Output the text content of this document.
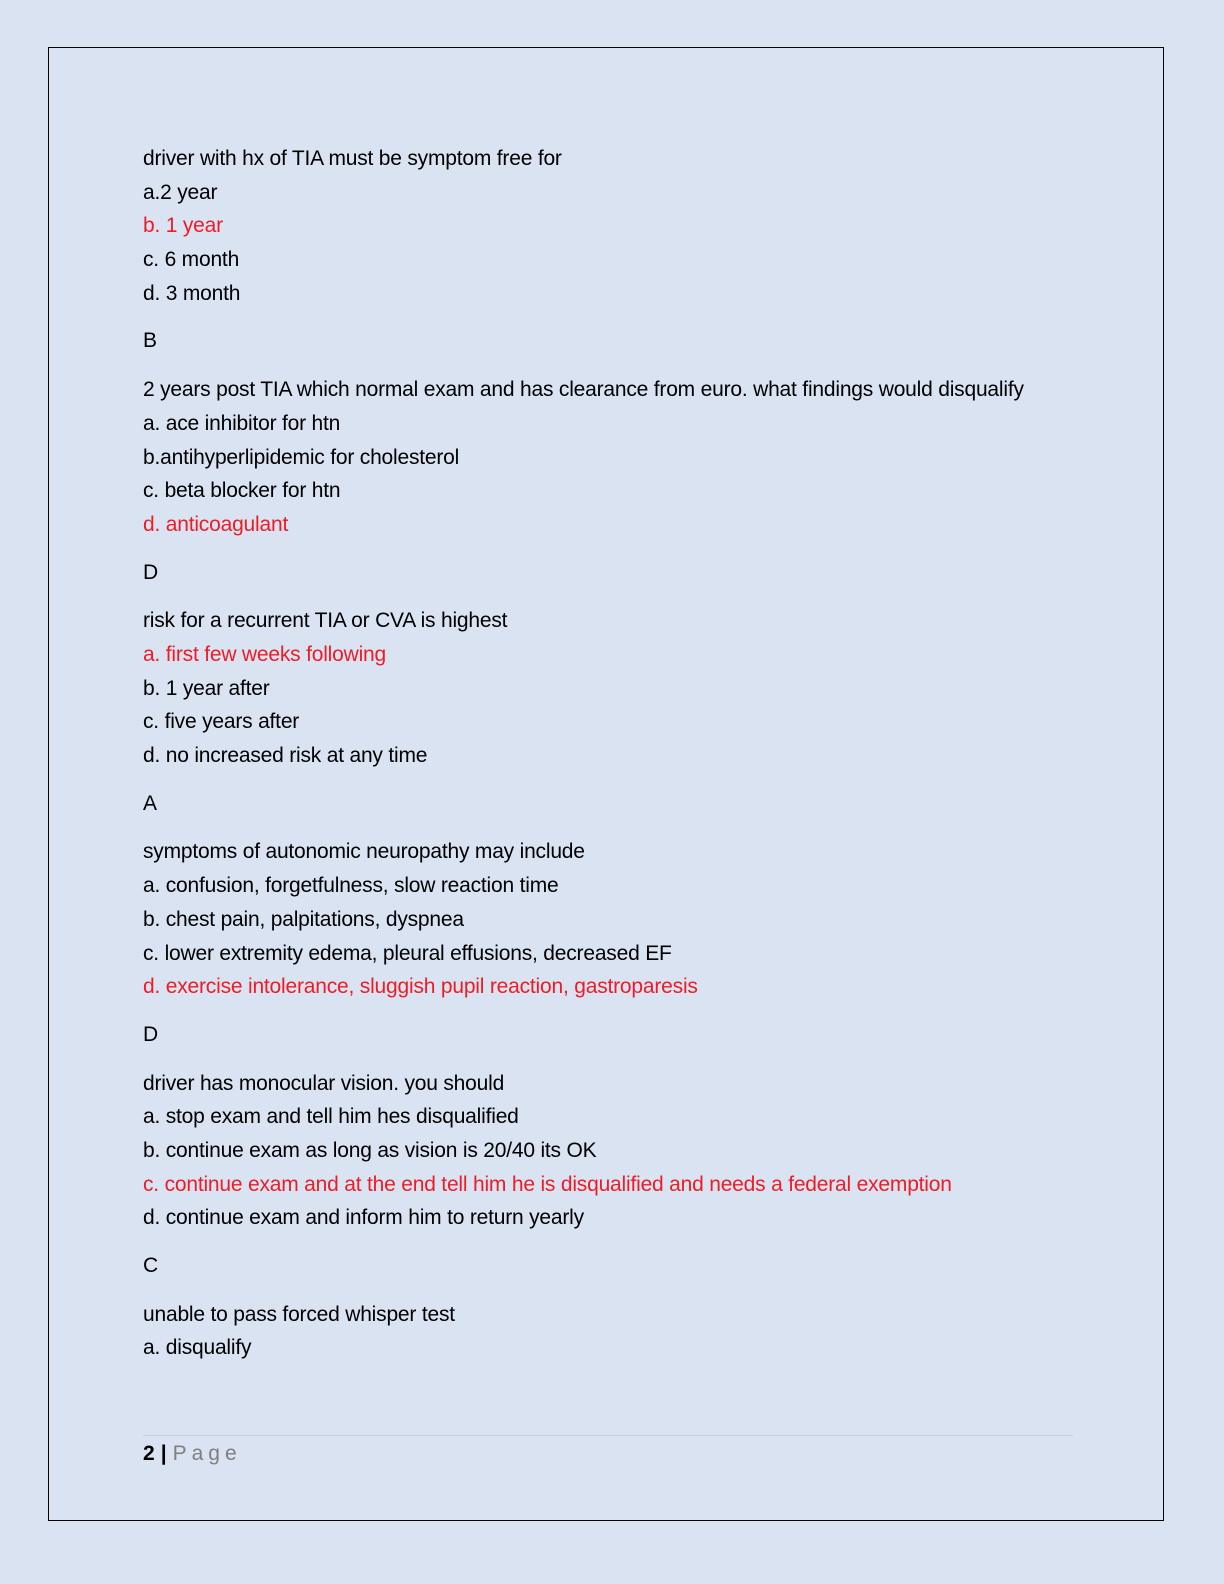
driver with hx of TIA must be symptom free for
a.2 year
b. 1 year
c. 6 month
d. 3 month
B
2 years post TIA which normal exam and has clearance from euro. what findings would disqualify
a. ace inhibitor for htn
b.antihyperlipidemic for cholesterol
c. beta blocker for htn
d. anticoagulant
D
risk for a recurrent TIA or CVA is highest
a. first few weeks following
b. 1 year after
c. five years after
d. no increased risk at any time
A
symptoms of autonomic neuropathy may include
a. confusion, forgetfulness, slow reaction time
b. chest pain, palpitations, dyspnea
c. lower extremity edema, pleural effusions, decreased EF
d. exercise intolerance, sluggish pupil reaction, gastroparesis
D
driver has monocular vision. you should
a. stop exam and tell him hes disqualified
b. continue exam as long as vision is 20/40 its OK
c. continue exam and at the end tell him he is disqualified and needs a federal exemption
d. continue exam and inform him to return yearly
C
unable to pass forced whisper test
a. disqualify
2 | Page
